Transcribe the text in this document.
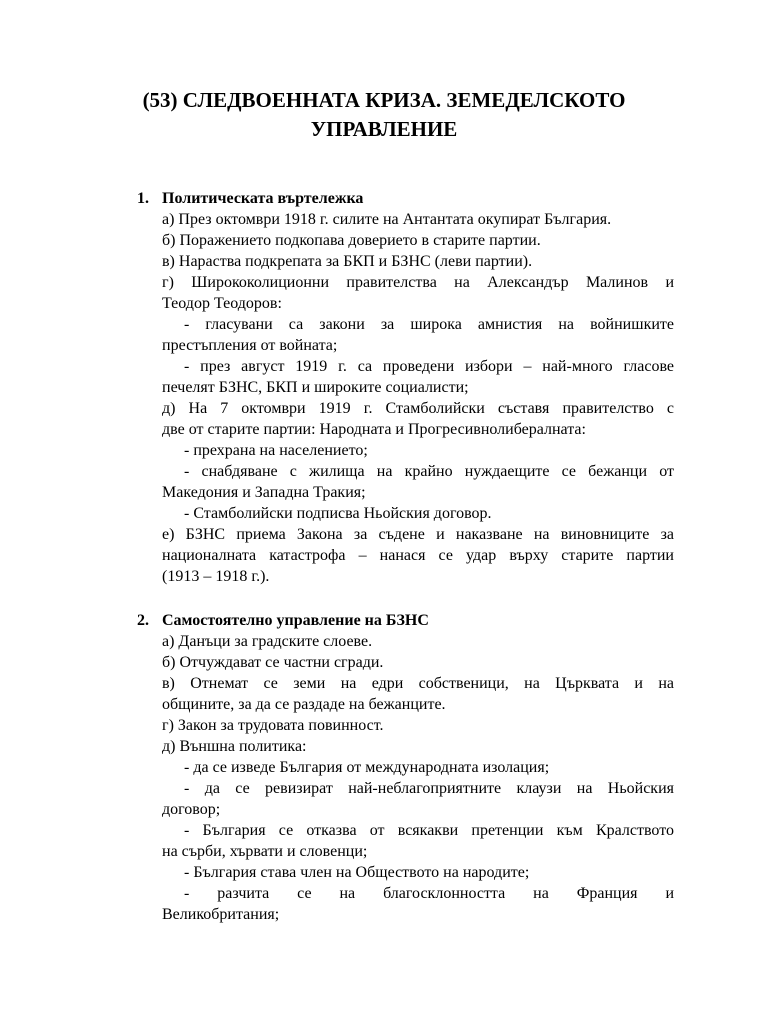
(53) СЛЕДВОЕННАТА КРИЗА. ЗЕМЕДЕЛСКОТО
УПРАВЛЕНИЕ
1. Политическата въртележка
а) През октомври 1918 г. силите на Антантата окупират България.
б) Поражението подкопава доверието в старите партии.
в) Нараства подкрепата за БКП и БЗНС (леви партии).
г) Ширококолиционни правителства на Александър Малинов и
Теодор Теодоров:
- гласувани са закони за широка амнистия на войнишките
престъпления от войната;
- през август 1919 г. са проведени избори – най-много гласове
печелят БЗНС, БКП и широките социалисти;
д) На 7 октомври 1919 г. Стамболийски съставя правителство с
две от старите партии: Народната и Прогресивнолибералната:
- прехрана на населението;
- снабдяване с жилища на крайно нуждаещите се бежанци от
Македония и Западна Тракия;
- Стамболийски подписва Ньойския договор.
е) БЗНС приема Закона за съдене и наказване на виновниците за
националната катастрофа – нанася се удар върху старите партии
(1913 – 1918 г.).
2. Самостоятелно управление на БЗНС
а) Данъци за градските слоеве.
б) Отчуждават се частни сгради.
в) Отнемат се земи на едри собственици, на Църквата и на
общините, за да се раздаде на бежанците.
г) Закон за трудовата повинност.
д) Външна политика:
- да се изведе България от международната изолация;
- да се ревизират най-неблагоприятните клаузи на Ньойския
договор;
- България се отказва от всякакви претенции към Кралството
на сърби, хървати и словенци;
- България става член на Обществото на народите;
- разчита се на благосклонността на Франция и
Великобритания;
